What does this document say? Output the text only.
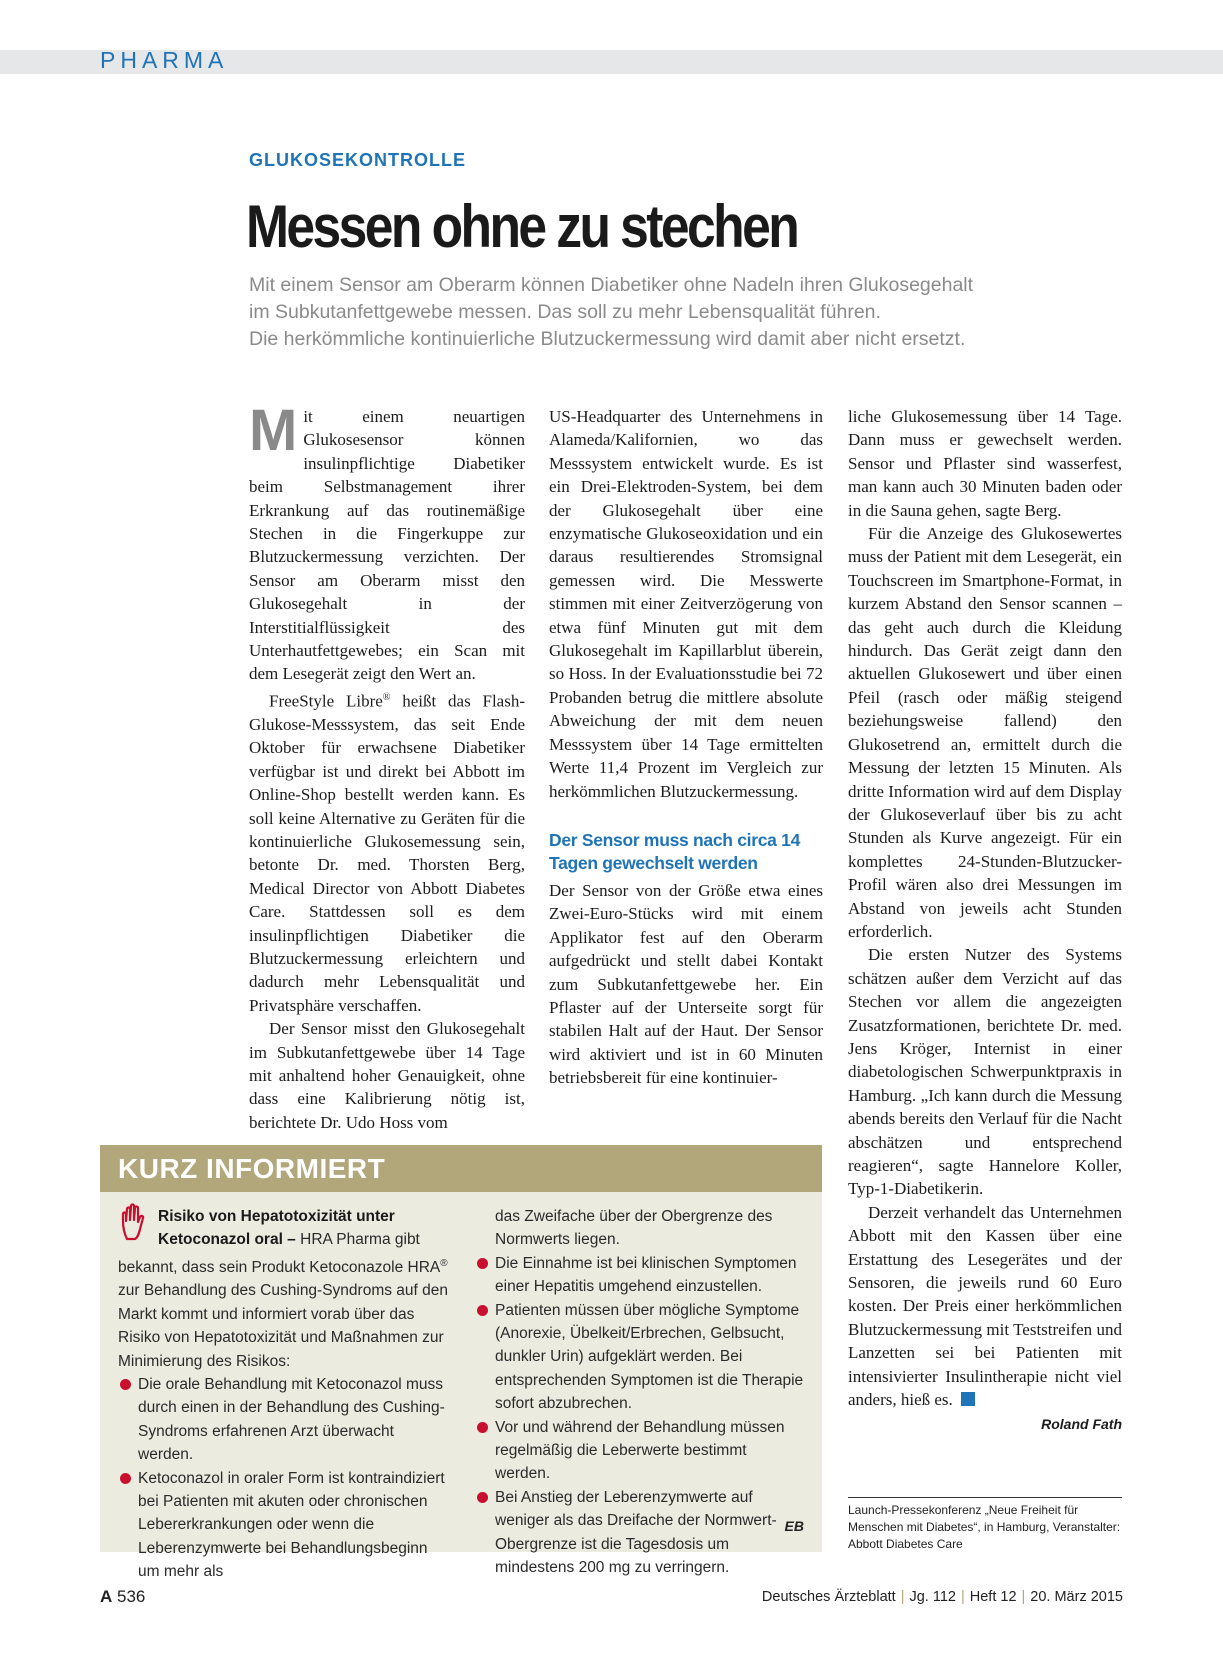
PHARMA
GLUKOSEKONTROLLE
Messen ohne zu stechen
Mit einem Sensor am Oberarm können Diabetiker ohne Nadeln ihren Glukosegehalt
im Subkutanfettgewebe messen. Das soll zu mehr Lebensqualität führen.
Die herkömmliche kontinuierliche Blutzuckermessung wird damit aber nicht ersetzt.

Mit einem neuartigen Glukosesensor können insulinpflichtige Diabetiker beim Selbstmanagement ihrer Erkrankung auf das routinemäßige Stechen in die Fingerkuppe zur Blutzuckermessung verzichten. Der Sensor am Oberarm misst den Glukosegehalt in der Interstitialflüssigkeit des Unterhautfettgewebes; ein Scan mit dem Lesegerät zeigt den Wert an.

FreeStyle Libre® heißt das Flash-Glukose-Messsystem, das seit Ende Oktober für erwachsene Diabetiker verfügbar ist und direkt bei Abbott im Online-Shop bestellt werden kann. Es soll keine Alternative zu Geräten für die kontinuierliche Glukosemessung sein, betonte Dr. med. Thorsten Berg, Medical Director von Abbott Diabetes Care. Stattdessen soll es dem insulinpflichtigen Diabetiker die Blutzuckermessung erleichtern und dadurch mehr Lebensqualität und Privatsphäre verschaffen.

Der Sensor misst den Glukosegehalt im Subkutanfettgewebe über 14 Tage mit anhaltend hoher Genauigkeit, ohne dass eine Kalibrierung nötig ist, berichtete Dr. Udo Hoss vom

US-Headquarter des Unternehmens in Alameda/Kalifornien, wo das Messsystem entwickelt wurde. Es ist ein Drei-Elektroden-System, bei dem der Glukosegehalt über eine enzymatische Glukoseoxidation und ein daraus resultierendes Stromsignal gemessen wird. Die Messwerte stimmen mit einer Zeitverzögerung von etwa fünf Minuten gut mit dem Glukosegehalt im Kapillarblut überein, so Hoss. In der Evaluationsstudie bei 72 Probanden betrug die mittlere absolute Abweichung der mit dem neuen Messsystem über 14 Tage ermittelten Werte 11,4 Prozent im Vergleich zur herkömmlichen Blutzuckermessung.

Der Sensor muss nach circa 14 Tagen gewechselt werden

Der Sensor von der Größe etwa eines Zwei-Euro-Stücks wird mit einem Applikator fest auf den Oberarm aufgedrückt und stellt dabei Kontakt zum Subkutanfettgewebe her. Ein Pflaster auf der Unterseite sorgt für stabilen Halt auf der Haut. Der Sensor wird aktiviert und ist in 60 Minuten betriebsbereit für eine kontinuier-

liche Glukosemessung über 14 Tage. Dann muss er gewechselt werden. Sensor und Pflaster sind wasserfest, man kann auch 30 Minuten baden oder in die Sauna gehen, sagte Berg.

Für die Anzeige des Glukosewertes muss der Patient mit dem Lesegerät, ein Touchscreen im Smartphone-Format, in kurzem Abstand den Sensor scannen – das geht auch durch die Kleidung hindurch. Das Gerät zeigt dann den aktuellen Glukosewert und über einen Pfeil (rasch oder mäßig steigend beziehungsweise fallend) den Glukosetrend an, ermittelt durch die Messung der letzten 15 Minuten. Als dritte Information wird auf dem Display der Glukoseverlauf über bis zu acht Stunden als Kurve angezeigt. Für ein komplettes 24-Stunden-Blutzucker-Profil wären also drei Messungen im Abstand von jeweils acht Stunden erforderlich.

Die ersten Nutzer des Systems schätzen außer dem Verzicht auf das Stechen vor allem die angezeigten Zusatzformationen, berichtete Dr. med. Jens Kröger, Internist in einer diabetologischen Schwerpunktpraxis in Hamburg. „Ich kann durch die Messung abends bereits den Verlauf für die Nacht abschätzen und entsprechend reagieren“, sagte Hannelore Koller, Typ-1-Diabetikerin.

Derzeit verhandelt das Unternehmen Abbott mit den Kassen über eine Erstattung des Lesegerätes und der Sensoren, die jeweils rund 60 Euro kosten. Der Preis einer herkömmlichen Blutzuckermessung mit Teststreifen und Lanzetten sei bei Patienten mit intensivierter Insulintherapie nicht viel anders, hieß es.

Roland Fath
Launch-Pressekonferenz „Neue Freiheit für Menschen mit Diabetes“, in Hamburg, Veranstalter: Abbott Diabetes Care
KURZ INFORMIERT
Risiko von Hepatotoxizität unter Ketoconazol oral – HRA Pharma gibt bekannt, dass sein Produkt Ketoconazole HRA® zur Behandlung des Cushing-Syndroms auf den Markt kommt und informiert vorab über das Risiko von Hepatotoxizität und Maßnahmen zur Minimierung des Risikos:
Die orale Behandlung mit Ketoconazol muss durch einen in der Behandlung des Cushing-Syndroms erfahrenen Arzt überwacht werden.
Ketoconazol in oraler Form ist kontraindiziert bei Patienten mit akuten oder chronischen Lebererkrankungen oder wenn die Leberenzymwerte bei Behandlungsbeginn um mehr als
das Zweifache über der Obergrenze des Normwerts liegen.
Die Einnahme ist bei klinischen Symptomen einer Hepatitis umgehend einzustellen.
Patienten müssen über mögliche Symptome (Anorexie, Übelkeit/Erbrechen, Gelbsucht, dunkler Urin) aufgeklärt werden. Bei entsprechenden Symptomen ist die Therapie sofort abzubrechen.
Vor und während der Behandlung müssen regelmäßig die Leberwerte bestimmt werden.
Bei Anstieg der Leberenzymwerte auf weniger als das Dreifache der Normwert-Obergrenze ist die Tagesdosis um mindestens 200 mg zu verringern.
EB
A 536	Deutsches Ärzteblatt | Jg. 112 | Heft 12 | 20. März 2015
